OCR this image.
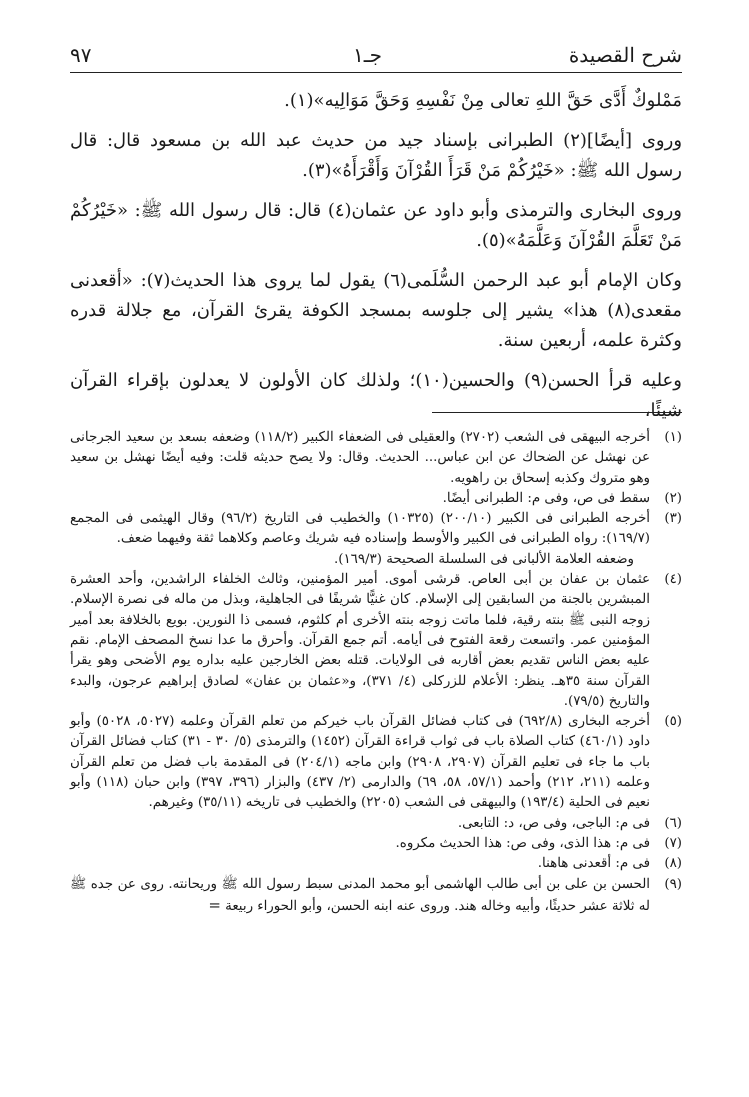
شرح القصيدة
جـ١
٩٧

مَمْلوكٌ أَدَّى حَقَّ اللهِ تعالى مِنْ نَفْسِهِ وَحَقَّ مَوَالِيه»(١).

وروى [أيضًا](٢) الطبرانى بإسناد جيد من حديث عبد الله بن مسعود قال: قال رسول الله ﷺ: «خَيْرُكُمْ مَنْ قَرَأَ القُرْآنَ وَأَقْرَأَهُ»(٣).

وروى البخارى والترمذى وأبو داود عن عثمان(٤) قال: قال رسول الله ﷺ: «خَيْرُكُمْ مَنْ تَعَلَّمَ القُرْآنَ وَعَلَّمَهُ»(٥).

وكان الإمام أبو عبد الرحمن السُّلَمى(٦) يقول لما يروى هذا الحديث(٧): «أقعدنى مقعدى(٨) هذا» يشير إلى جلوسه بمسجد الكوفة يقرئ القرآن، مع جلالة قدره وكثرة علمه، أربعين سنة.

وعليه قرأ الحسن(٩) والحسين(١٠)؛ ولذلك كان الأولون لا يعدلون بإقراء القرآن شيئًا،

(١)
أخرجه البيهقى فى الشعب (٢٧٠٢) والعقيلى فى الضعفاء الكبير (١١٨/٢) وضعفه بسعد بن سعيد الجرجانى عن نهشل عن الضحاك عن ابن عباس... الحديث. وقال: ولا يصح حديثه قلت: وفيه أيضًا نهشل بن سعيد وهو متروك وكذبه إسحاق بن راهويه.
(٢)
سقط فى ص، وفى م: الطبرانى أيضًا.
(٣)
أخرجه الطبرانى فى الكبير (٢٠٠/١٠) (١٠٣٢٥) والخطيب فى التاريخ (٩٦/٢) وقال الهيثمى فى المجمع (١٦٩/٧): رواه الطبرانى فى الكبير والأوسط وإسناده فيه شريك وعاصم وكلاهما ثقة وفيهما ضعف.
وضعفه العلامة الألبانى فى السلسلة الصحيحة (١٦٩/٣).
(٤)
عثمان بن عفان بن أبى العاص. قرشى أموى. أمير المؤمنين، وثالث الخلفاء الراشدين، وأحد العشرة المبشرين بالجنة من السابقين إلى الإسلام. كان غنيًّا شريفًا فى الجاهلية، وبذل من ماله فى نصرة الإسلام. زوجه النبى ﷺ بنته رقية، فلما ماتت زوجه بنته الأخرى أم كلثوم، فسمى ذا النورين. بويع بالخلافة بعد أمير المؤمنين عمر. واتسعت رقعة الفتوح فى أيامه. أتم جمع القرآن. وأحرق ما عدا نسخ المصحف الإمام. نقم عليه بعض الناس تقديم بعض أقاربه فى الولايات. قتله بعض الخارجين عليه بداره يوم الأضحى وهو يقرأ القرآن سنة ٣٥هـ. ينظر: الأعلام للزركلى (٤/ ٣٧١)، و«عثمان بن عفان» لصادق إبراهيم عرجون، والبدء والتاريخ (٧٩/٥).
(٥)
أخرجه البخارى (٦٩٢/٨) فى كتاب فضائل القرآن باب خيركم من تعلم القرآن وعلمه (٥٠٢٧، ٥٠٢٨) وأبو داود (٤٦٠/١) كتاب الصلاة باب فى ثواب قراءة القرآن (١٤٥٢) والترمذى (٥/ ٣٠ - ٣١) كتاب فضائل القرآن باب ما جاء فى تعليم القرآن (٢٩٠٧، ٢٩٠٨) وابن ماجه (٢٠٤/١) فى المقدمة باب فضل من تعلم القرآن وعلمه (٢١١، ٢١٢) وأحمد (٥٧/١، ٥٨، ٦٩) والدارمى (٢/ ٤٣٧) والبزار (٣٩٦، ٣٩٧) وابن حبان (١١٨) وأبو نعيم فى الحلية (١٩٣/٤) والبيهقى فى الشعب (٢٢٠٥) والخطيب فى تاريخه (٣٥/١١) وغيرهم.
(٦)
فى م: الباجى، وفى ص، د: التابعى.
(٧)
فى م: هذا الذى، وفى ص: هذا الحديث مكروه.
(٨)
فى م: أقعدنى هاهنا.
(٩)
الحسن بن على بن أبى طالب الهاشمى أبو محمد المدنى سبط رسول الله ﷺ وريحانته. روى عن جده ﷺ له ثلاثة عشر حديثًا، وأبيه وخاله هند. وروى عنه ابنه الحسن، وأبو الحوراء ربيعة =
